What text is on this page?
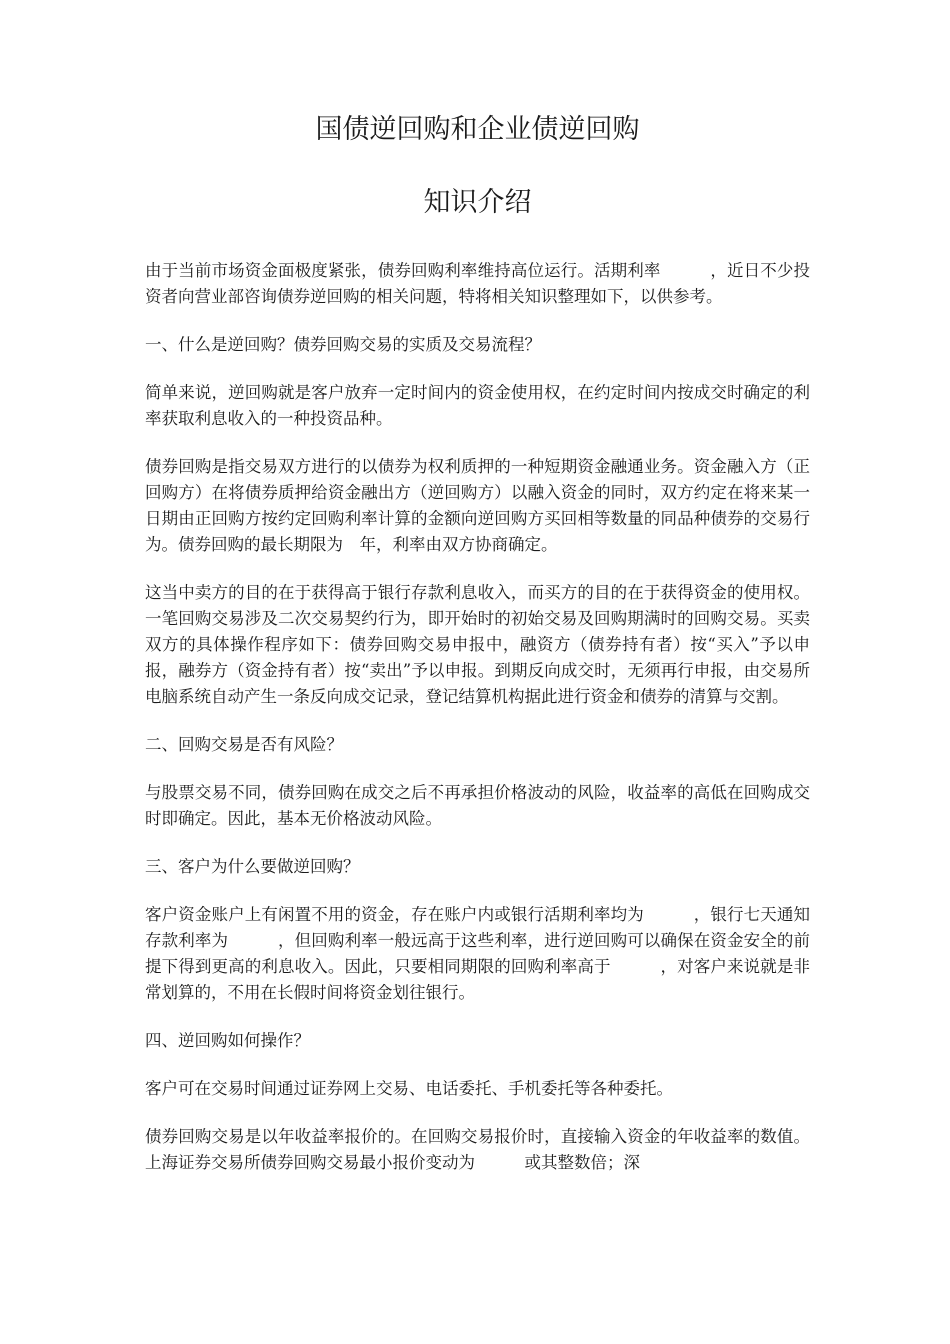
国债逆回购和企业债逆回购
知识介绍

由于当前市场资金面极度紧张，债券回购利率维持高位运行。活期利率　　　，近日不少投资者向营业部咨询债券逆回购的相关问题，特将相关知识整理如下，以供参考。

一、什么是逆回购？债券回购交易的实质及交易流程？

简单来说，逆回购就是客户放弃一定时间内的资金使用权，在约定时间内按成交时确定的利率获取利息收入的一种投资品种。

债券回购是指交易双方进行的以债券为权利质押的一种短期资金融通业务。资金融入方（正回购方）在将债券质押给资金融出方（逆回购方）以融入资金的同时，双方约定在将来某一日期由正回购方按约定回购利率计算的金额向逆回购方买回相等数量的同品种债券的交易行为。债券回购的最长期限为　年，利率由双方协商确定。

这当中卖方的目的在于获得高于银行存款利息收入，而买方的目的在于获得资金的使用权。一笔回购交易涉及二次交易契约行为，即开始时的初始交易及回购期满时的回购交易。买卖双方的具体操作程序如下：债券回购交易申报中，融资方（债券持有者）按“买入”予以申报，融券方（资金持有者）按“卖出”予以申报。到期反向成交时，无须再行申报，由交易所电脑系统自动产生一条反向成交记录，登记结算机构据此进行资金和债券的清算与交割。

二、回购交易是否有风险？

与股票交易不同，债券回购在成交之后不再承担价格波动的风险，收益率的高低在回购成交时即确定。因此，基本无价格波动风险。

三、客户为什么要做逆回购？

客户资金账户上有闲置不用的资金，存在账户内或银行活期利率均为　　　，银行七天通知存款利率为　　　，但回购利率一般远高于这些利率，进行逆回购可以确保在资金安全的前提下得到更高的利息收入。因此，只要相同期限的回购利率高于　　　，对客户来说就是非常划算的，不用在长假时间将资金划往银行。

四、逆回购如何操作？

客户可在交易时间通过证券网上交易、电话委托、手机委托等各种委托。

债券回购交易是以年收益率报价的。在回购交易报价时，直接输入资金的年收益率的数值。上海证券交易所债券回购交易最小报价变动为　　　或其整数倍；深
